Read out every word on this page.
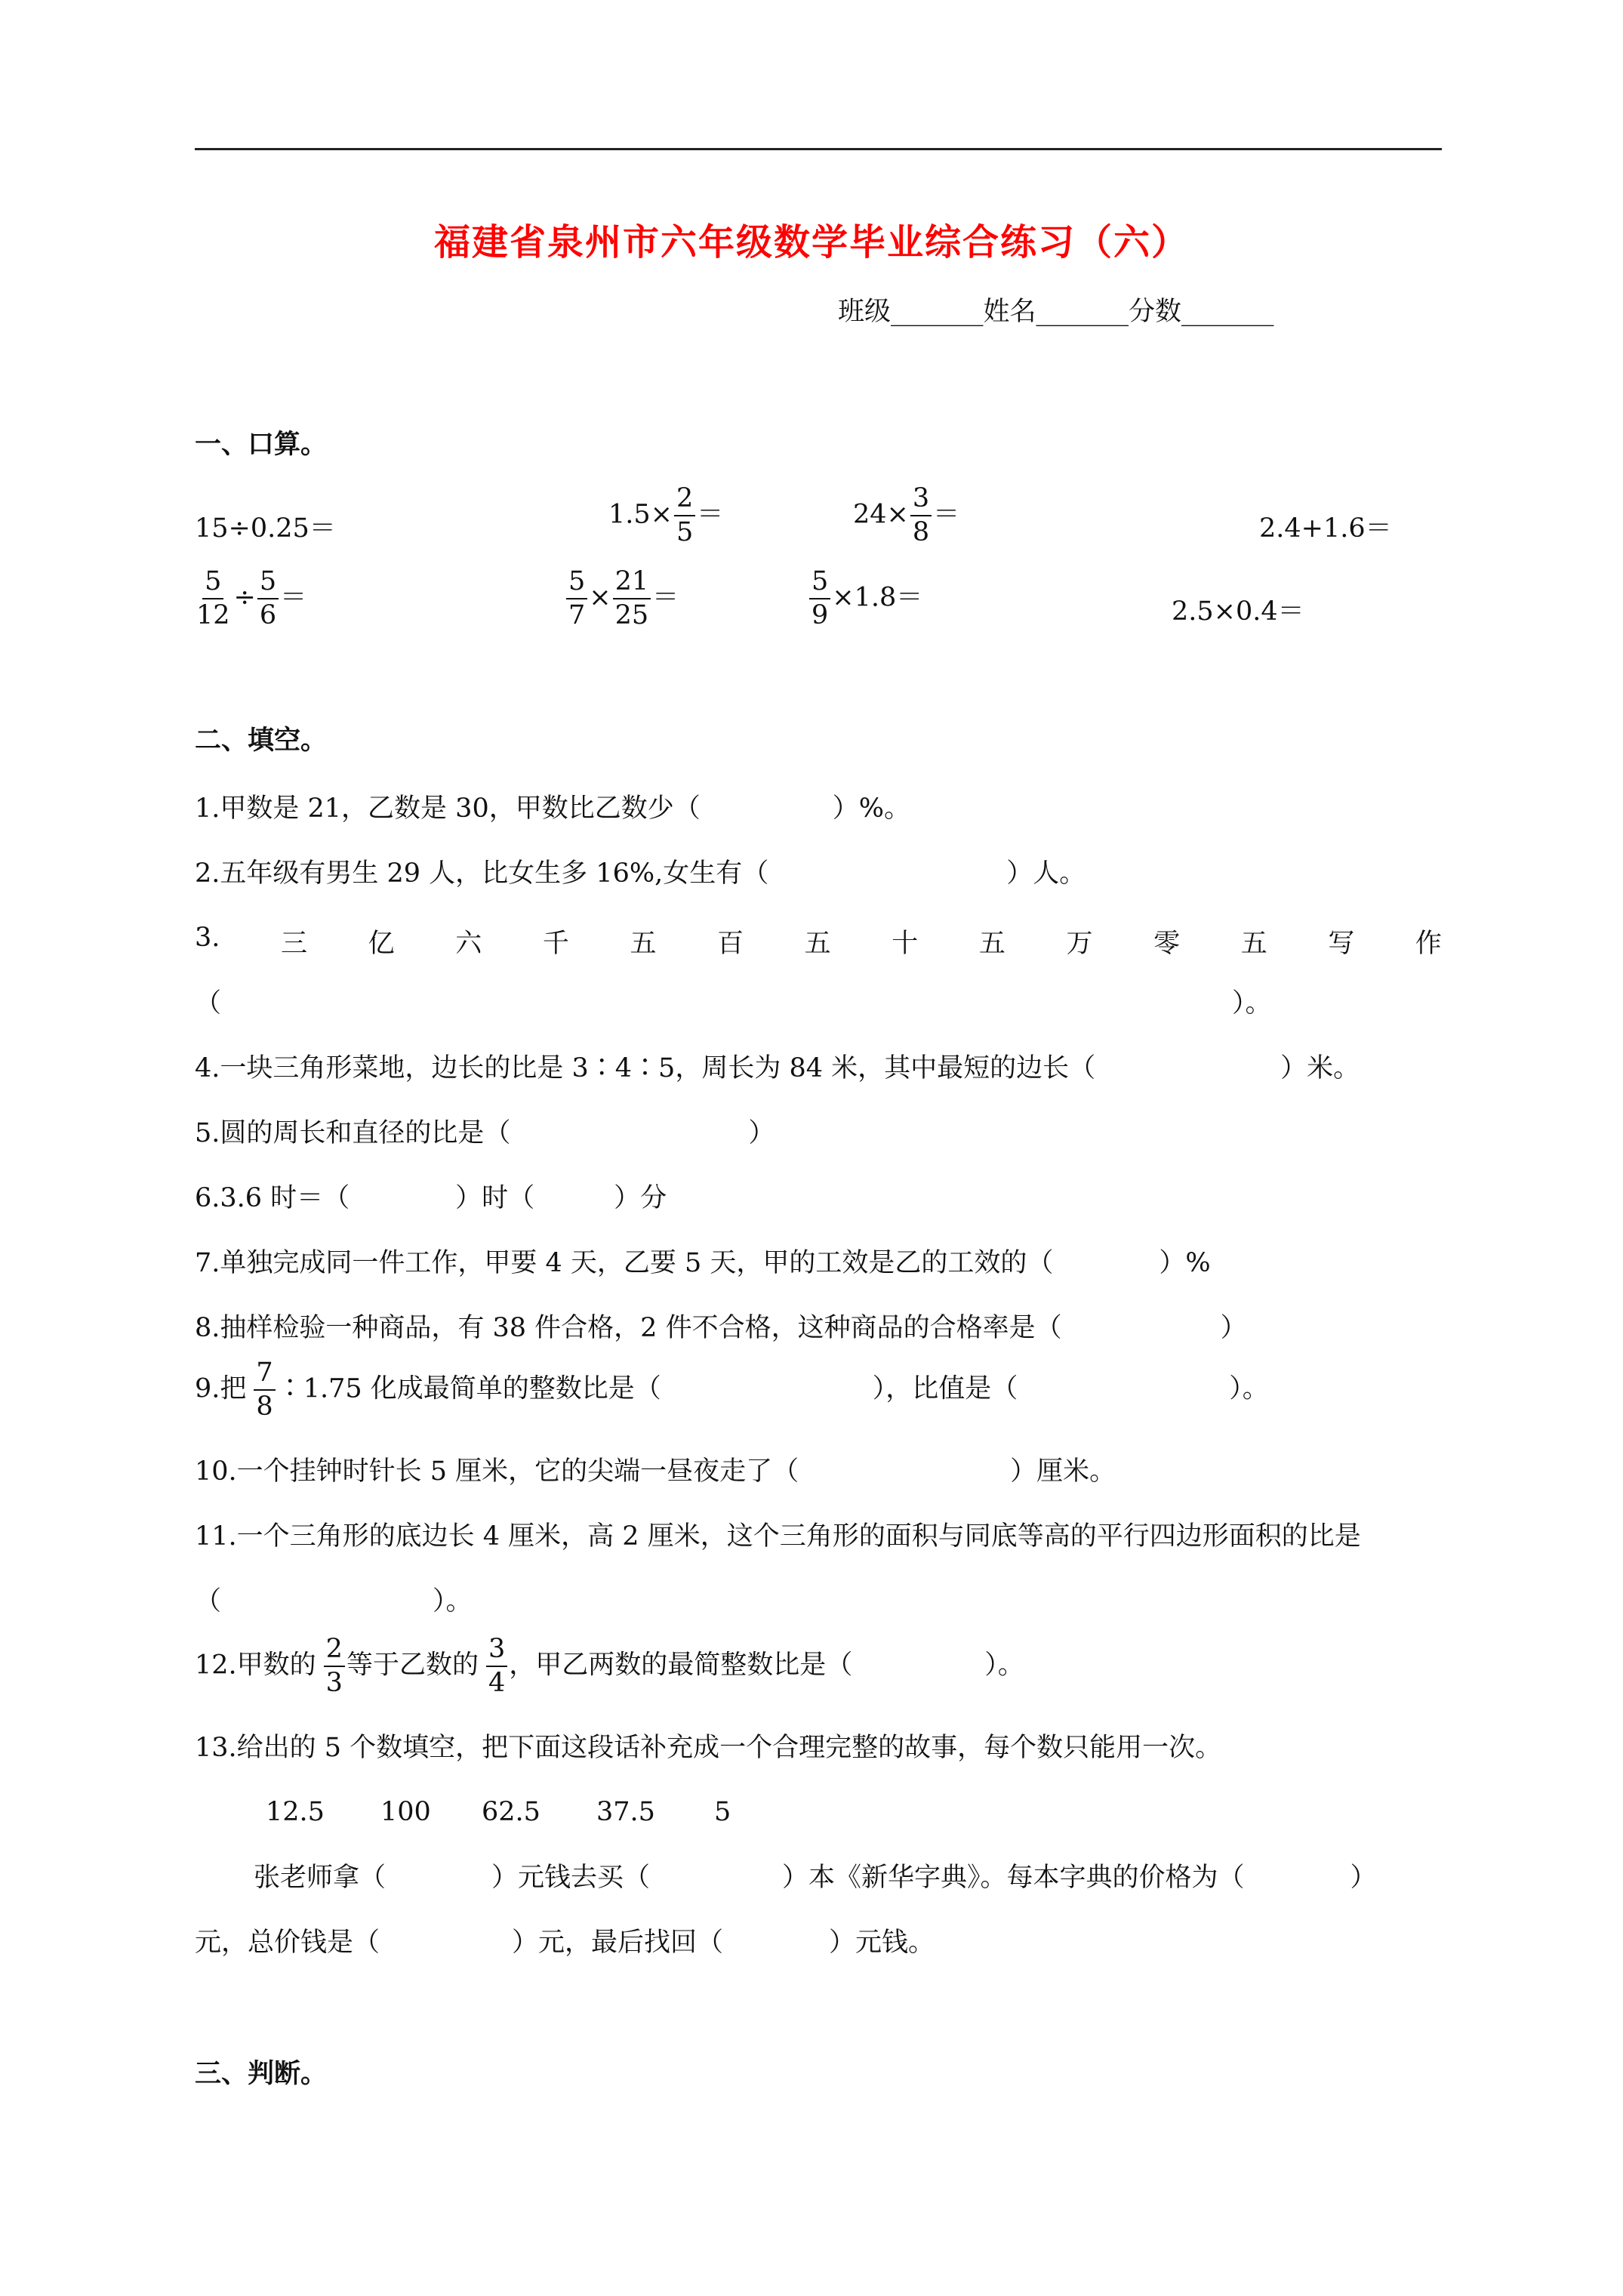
福建省泉州市六年级数学毕业综合练习（六）
班级_______姓名_______分数_______
一、口算。
15÷0.25＝	$1.5\times \frac{2}{5}$ ＝	$24\times \frac{3}{8}$ ＝	2.4+1.6＝
$\frac{5}{12} \div \frac{5}{6}$ ＝	$\frac{5}{7} \times \frac{21}{25}$ ＝	$\frac{5}{9} \times 1.8=$	2.5×0.4＝
二、填空。
1.甲数是 21，乙数是 30，甲数比乙数少（　　　　　）%。
2.五年级有男生 29 人，比女生多 16%,女生有（　　　　　　　　　）人。
3. 三 亿 六 千 五 百 五 十 五 万 零 五 写 作
（	）。
4.一块三角形菜地，边长的比是 3∶4∶5，周长为 84 米，其中最短的边长（　　　　　　　）米。
5.圆的周长和直径的比是（　　　　　　　　　）
6.3.6 时＝（　　　　）时（　　　）分
7.单独完成同一件工作，甲要 4 天，乙要 5 天，甲的工效是乙的工效的（　　　　）%
8.抽样检验一种商品，有 38 件合格，2 件不合格，这种商品的合格率是（　　　　　　）
9.把 $\frac{7}{8}$ ∶1.75 化成最简单的整数比是（　　　　　　　　），比值是（　　　　　　　　）。
10.一个挂钟时针长 5 厘米，它的尖端一昼夜走了（　　　　　　　　）厘米。
11.一个三角形的底边长 4 厘米，高 2 厘米，这个三角形的面积与同底等高的平行四边形面积的比是
（　　　　　　　　）。
12.甲数的 $\frac{2}{3}$ 等于乙数的 $\frac{3}{4}$ ，甲乙两数的最简整数比是（　　　　　）。
13.给出的 5 个数填空，把下面这段话补充成一个合理完整的故事，每个数只能用一次。
12.5 100 62.5 37.5 5
张老师拿（　　　　）元钱去买（　　　　　）本《新华字典》。每本字典的价格为（　　　　）
元，总价钱是（　　　　　）元，最后找回（　　　　）元钱。
三、判断。
